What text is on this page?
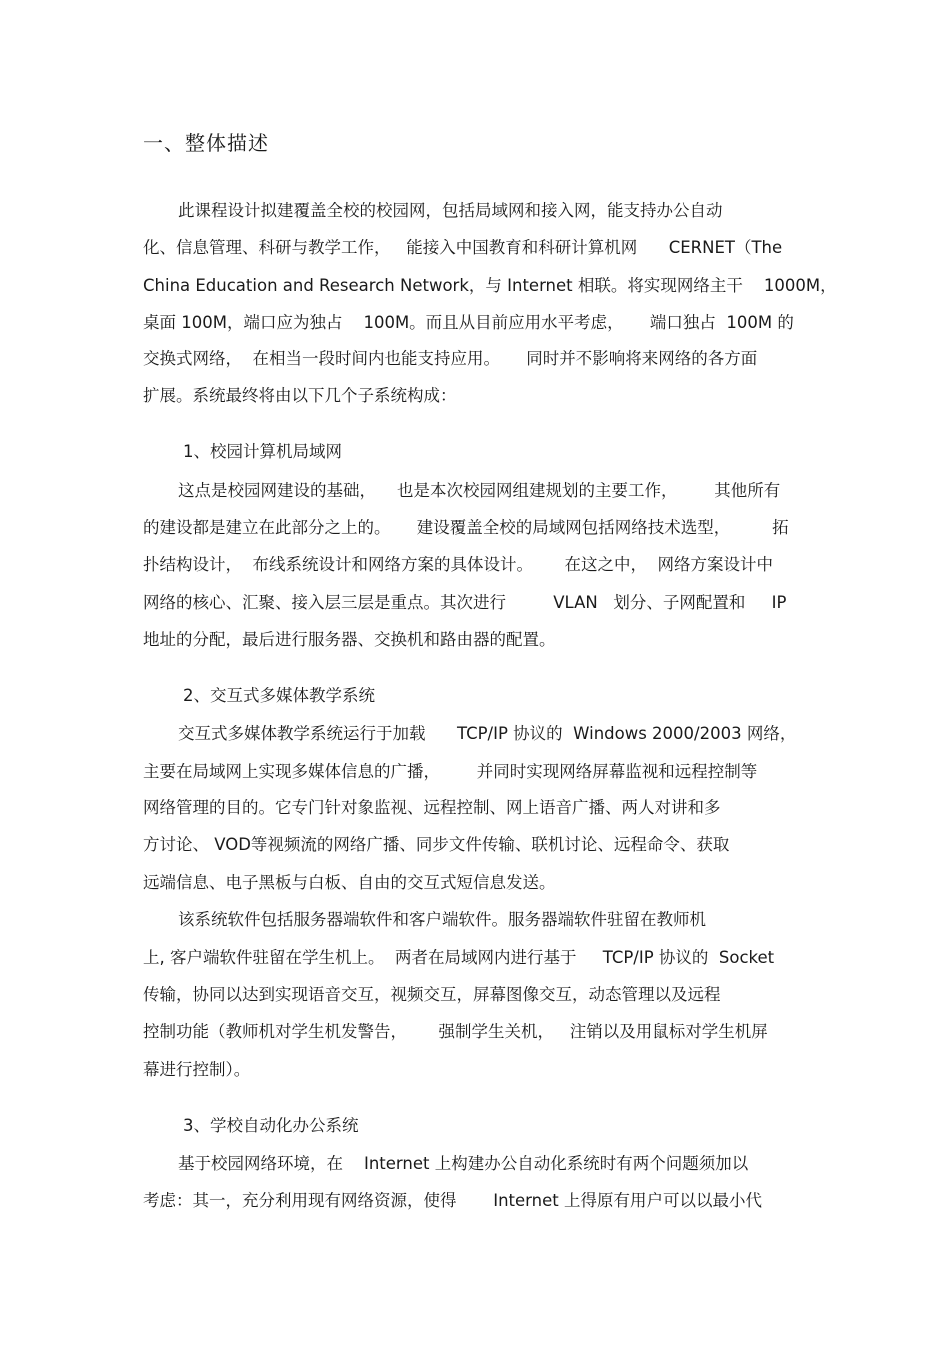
一、整体描述
此课程设计拟建覆盖全校的校园网，包括局域网和接入网，能支持办公自动
化、信息管理、科研与教学工作，   能接入中国教育和科研计算机网      CERNET（The
China Education and Research Network，与 Internet 相联。将实现网络主干    1000M，
桌面 100M，端口应为独占    100M。而且从目前应用水平考虑，     端口独占  100M 的
交换式网络，  在相当一段时间内也能支持应用。     同时并不影响将来网络的各方面
扩展。系统最终将由以下几个子系统构成：
1、校园计算机局域网
这点是校园网建设的基础，    也是本次校园网组建规划的主要工作，       其他所有
的建设都是建立在此部分之上的。     建设覆盖全校的局域网包括网络技术选型，        拓
扑结构设计，  布线系统设计和网络方案的具体设计。      在这之中，  网络方案设计中
网络的核心、汇聚、接入层三层是重点。其次进行         VLAN   划分、子网配置和     IP
地址的分配，最后进行服务器、交换机和路由器的配置。
2、交互式多媒体教学系统
交互式多媒体教学系统运行于加载      TCP/IP 协议的  Windows 2000/2003 网络，
主要在局域网上实现多媒体信息的广播，       并同时实现网络屏幕监视和远程控制等
网络管理的目的。它专门针对象监视、远程控制、网上语音广播、两人对讲和多
方讨论、 VOD等视频流的网络广播、同步文件传输、联机讨论、远程命令、获取
远端信息、电子黑板与白板、自由的交互式短信息发送。
该系统软件包括服务器端软件和客户端软件。服务器端软件驻留在教师机
上, 客户端软件驻留在学生机上。  两者在局域网内进行基于     TCP/IP 协议的  Socket
传输，协同以达到实现语音交互，视频交互，屏幕图像交互，动态管理以及远程
控制功能（教师机对学生机发警告，      强制学生关机，   注销以及用鼠标对学生机屏
幕进行控制）。
3、学校自动化办公系统
基于校园网络环境，在    Internet 上构建办公自动化系统时有两个问题须加以
考虑：其一，充分利用现有网络资源，使得       Internet 上得原有用户可以以最小代
